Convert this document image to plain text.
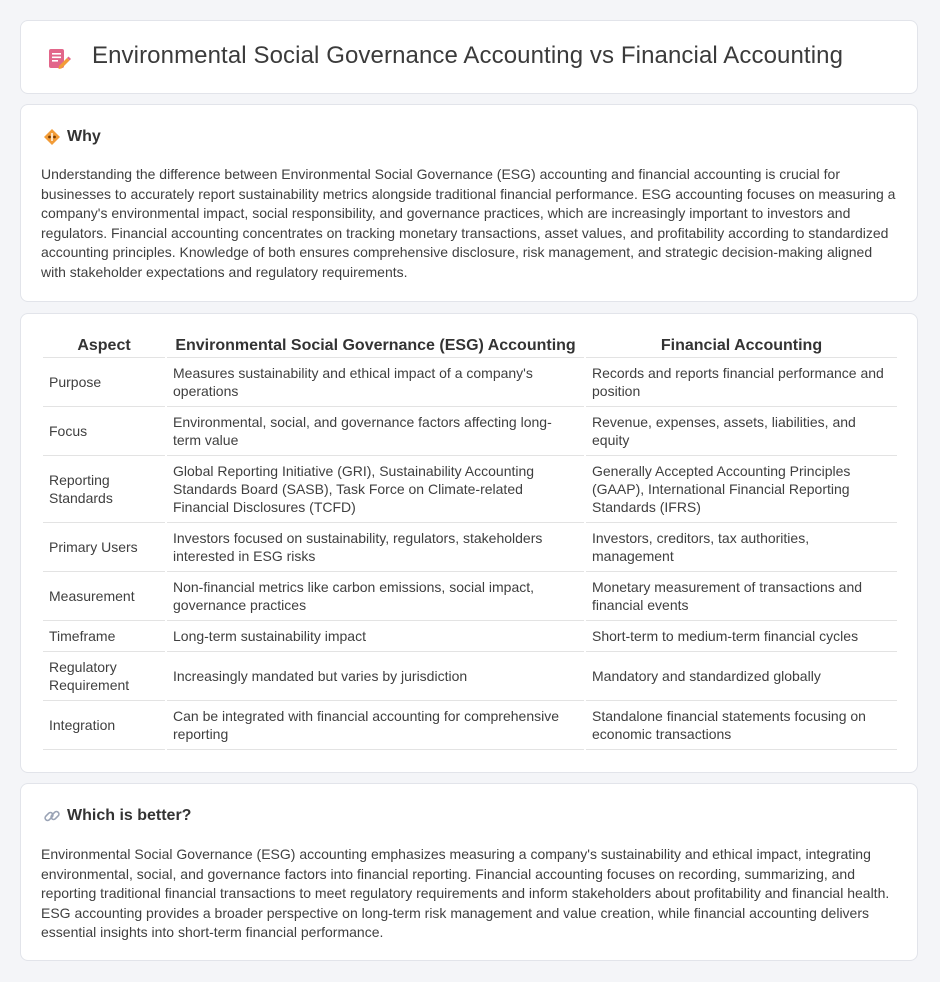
Environmental Social Governance Accounting vs Financial Accounting
Why

Understanding the difference between Environmental Social Governance (ESG) accounting and financial accounting is crucial for businesses to accurately report sustainability metrics alongside traditional financial performance. ESG accounting focuses on measuring a company's environmental impact, social responsibility, and governance practices, which are increasingly important to investors and regulators. Financial accounting concentrates on tracking monetary transactions, asset values, and profitability according to standardized accounting principles. Knowledge of both ensures comprehensive disclosure, risk management, and strategic decision-making aligned with stakeholder expectations and regulatory requirements.

Aspect	Environmental Social Governance (ESG) Accounting	Financial Accounting
Purpose	Measures sustainability and ethical impact of a company's operations	Records and reports financial performance and position
Focus	Environmental, social, and governance factors affecting long-term value	Revenue, expenses, assets, liabilities, and equity
Reporting Standards	Global Reporting Initiative (GRI), Sustainability Accounting Standards Board (SASB), Task Force on Climate-related Financial Disclosures (TCFD)	Generally Accepted Accounting Principles (GAAP), International Financial Reporting Standards (IFRS)
Primary Users	Investors focused on sustainability, regulators, stakeholders interested in ESG risks	Investors, creditors, tax authorities, management
Measurement	Non-financial metrics like carbon emissions, social impact, governance practices	Monetary measurement of transactions and financial events
Timeframe	Long-term sustainability impact	Short-term to medium-term financial cycles
Regulatory Requirement	Increasingly mandated but varies by jurisdiction	Mandatory and standardized globally
Integration	Can be integrated with financial accounting for comprehensive reporting	Standalone financial statements focusing on economic transactions
Which is better?

Environmental Social Governance (ESG) accounting emphasizes measuring a company's sustainability and ethical impact, integrating environmental, social, and governance factors into financial reporting. Financial accounting focuses on recording, summarizing, and reporting traditional financial transactions to meet regulatory requirements and inform stakeholders about profitability and financial health. ESG accounting provides a broader perspective on long-term risk management and value creation, while financial accounting delivers essential insights into short-term financial performance.
